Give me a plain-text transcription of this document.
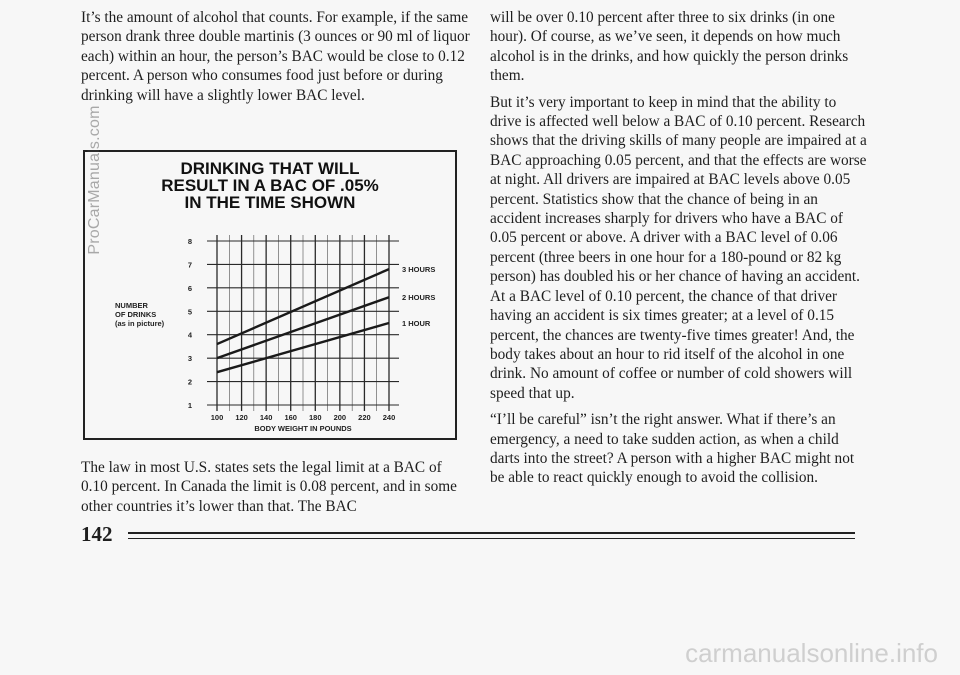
It’s the amount of alcohol that counts. For example, if the same person drank three double martinis (3 ounces or 90 ml of liquor each) within an hour, the person’s BAC would be close to 0.12 percent. A person who consumes food just before or during drinking will have a slightly lower BAC level.

DRINKING THAT WILL
RESULT IN A BAC OF .05%
IN THE TIME SHOWN
100 120 140 160 180 200 220 240
1
2
3
4
5
6
7
8
3 HOURS
2 HOURS
1 HOUR
NUMBER
OF DRINKS
(as in picture)
BODY WEIGHT IN POUNDS

The law in most U.S. states sets the legal limit at a BAC of 0.10 percent. In Canada the limit is 0.08 percent, and in some other countries it’s lower than that. The BAC

will be over 0.10 percent after three to six drinks (in one hour). Of course, as we’ve seen, it depends on how much alcohol is in the drinks, and how quickly the person drinks them.

But it’s very important to keep in mind that the ability to drive is affected well below a BAC of 0.10 percent. Research shows that the driving skills of many people are impaired at a BAC approaching 0.05 percent, and that the effects are worse at night. All drivers are impaired at BAC levels above 0.05 percent. Statistics show that the chance of being in an accident increases sharply for drivers who have a BAC of 0.05 percent or above. A driver with a BAC level of 0.06 percent (three beers in one hour for a 180-pound or 82 kg person) has doubled his or her chance of having an accident. At a BAC level of 0.10 percent, the chance of that driver having an accident is six times greater; at a level of 0.15 percent, the chances are twenty-five times greater! And, the body takes about an hour to rid itself of the alcohol in one drink. No amount of coffee or number of cold showers will speed that up.

“I’ll be careful” isn’t the right answer. What if there’s an emergency, a need to take sudden action, as when a child darts into the street? A person with a higher BAC might not be able to react quickly enough to avoid the collision.

142
ProCarManuals.com
carmanualsonline.info
